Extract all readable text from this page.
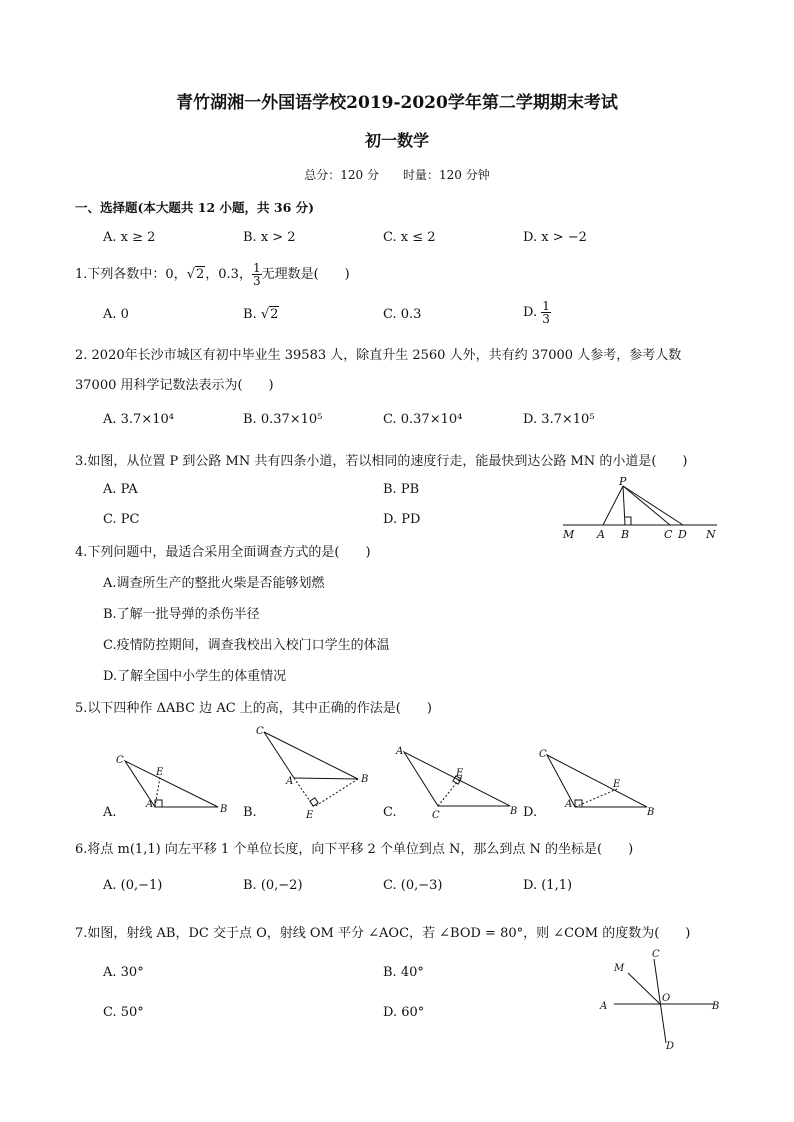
青竹湖湘一外国语学校2019-2020学年第二学期期末考试
初一数学
总分：120 分　　时量：120 分钟
一、选择题(本大题共 12 小题，共 36 分)
A. x ≥ 2	B. x > 2	C. x ≤ 2	D. x > −2
1.下列各数中：0，√2，0.3， $\frac{1}{3}$ 无理数是(　　)
A. 0	B. √2	C. 0.3	D. $\frac{1}{3}$
2. 2020年长沙市城区有初中毕业生 39583 人，除直升生 2560 人外，共有约 37000 人参考，参考人数
37000 用科学记数法表示为(　　)
A. 3.7×10⁴	B. 0.37×10⁵	C. 0.37×10⁴	D. 3.7×10⁵
3.如图，从位置 P 到公路 MN 共有四条小道，若以相同的速度行走，能最快到达公路 MN 的小道是(　　)
A. PA	B. PB
C. PC	D. PD
P
M A B	C D N
4.下列问题中，最适合采用全面调查方式的是(　　)
A.调查所生产的整批火柴是否能够划燃
B.了解一批导弹的杀伤半径
C.疫情防控期间，调查我校出入校门口学生的体温
D.了解全国中小学生的体重情况
5.以下四种作 ΔABC 边 AC 上的高，其中正确的作法是(　　)
C
E
A	B
A.
C
A	B
E
B.
A
E
C	B
C.
C
E
A
B
D.
6.将点 m(1,1) 向左平移 1 个单位长度，向下平移 2 个单位到点 N，那么到点 N 的坐标是(　　)
A. (0,−1)	B. (0,−2)	C. (0,−3)	D. (1,1)
7.如图，射线 AB，DC 交于点 O，射线 OM 平分 ∠AOC，若 ∠BOD = 80°，则 ∠COM 的度数为(　　)
A. 30°	B. 40°
C. 50°	D. 60°
M
C
A
O
B
D
